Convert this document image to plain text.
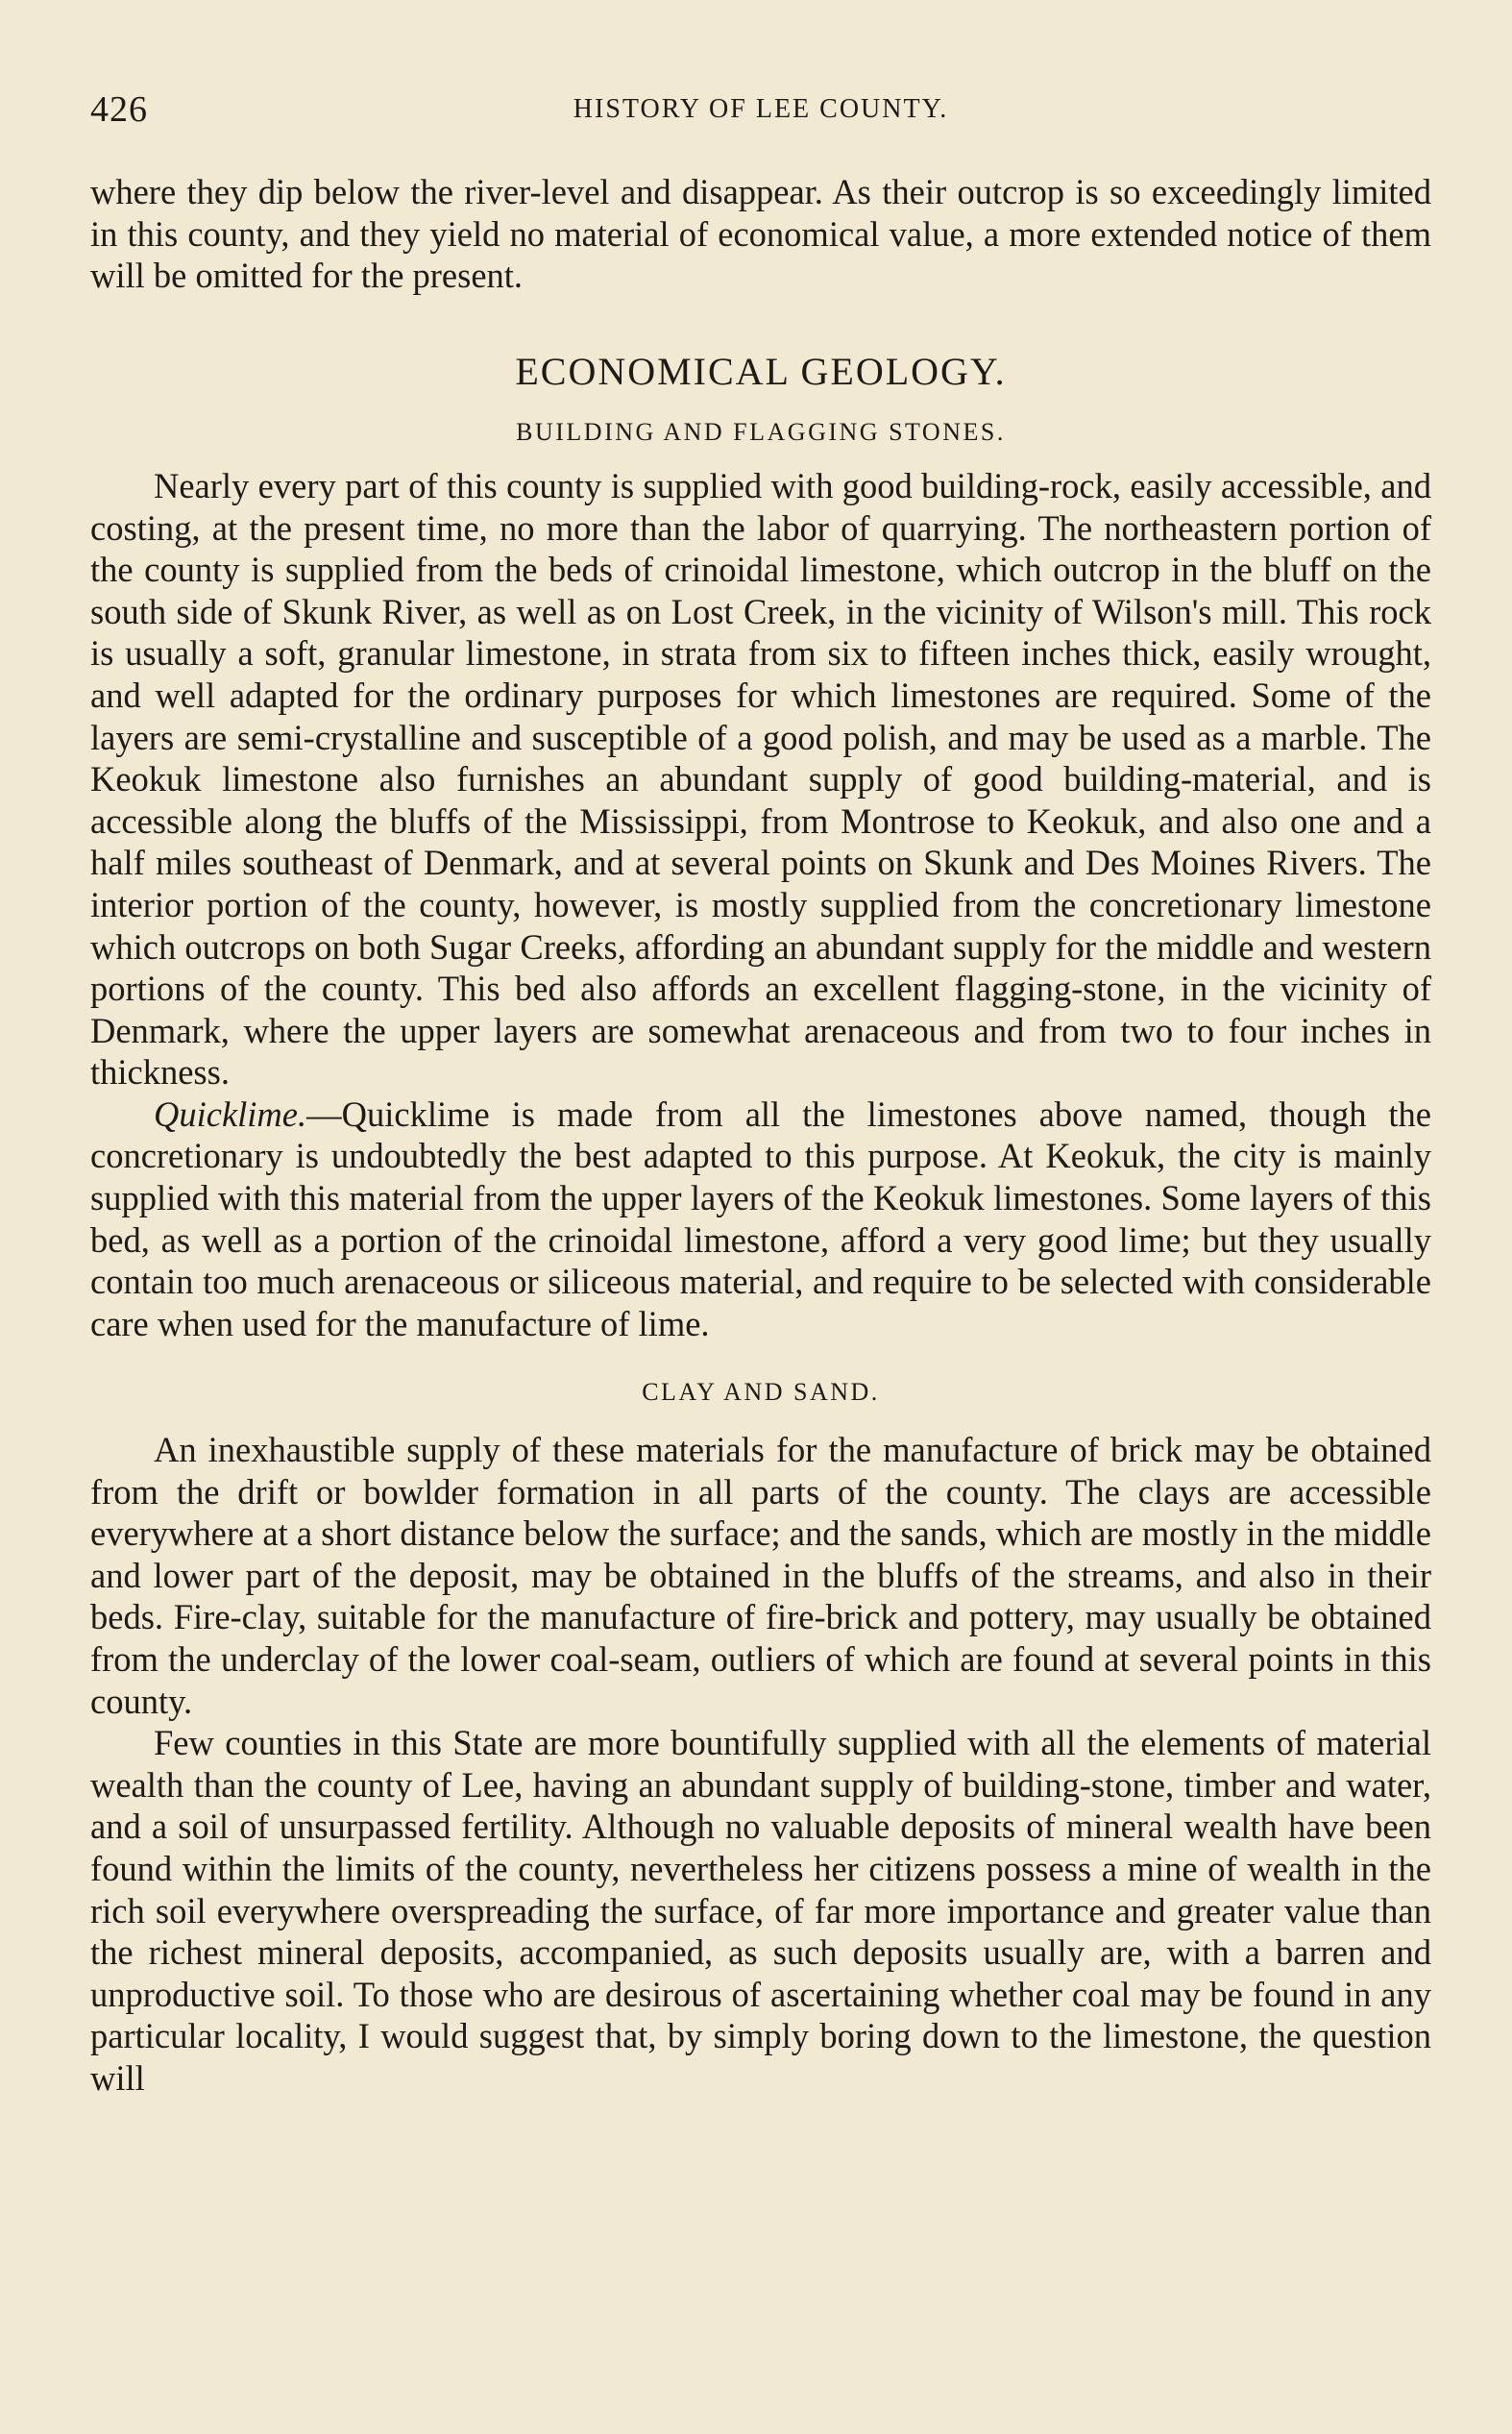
426	HISTORY OF LEE COUNTY.

where they dip below the river-level and disappear. As their outcrop is so exceedingly limited in this county, and they yield no material of economical value, a more extended notice of them will be omitted for the present.

ECONOMICAL GEOLOGY.
BUILDING AND FLAGGING STONES.

Nearly every part of this county is supplied with good building-rock, easily accessible, and costing, at the present time, no more than the labor of quarrying. The northeastern portion of the county is supplied from the beds of crinoidal limestone, which outcrop in the bluff on the south side of Skunk River, as well as on Lost Creek, in the vicinity of Wilson's mill. This rock is usually a soft, granular limestone, in strata from six to fifteen inches thick, easily wrought, and well adapted for the ordinary purposes for which limestones are required. Some of the layers are semi-crystalline and susceptible of a good polish, and may be used as a marble. The Keokuk limestone also furnishes an abundant supply of good building-material, and is accessible along the bluffs of the Mississippi, from Montrose to Keokuk, and also one and a half miles southeast of Denmark, and at several points on Skunk and Des Moines Rivers. The interior portion of the county, however, is mostly supplied from the concretionary limestone which outcrops on both Sugar Creeks, affording an abundant supply for the middle and western portions of the county. This bed also affords an excellent flagging-stone, in the vicinity of Denmark, where the upper layers are somewhat arenaceous and from two to four inches in thickness.

Quicklime.—Quicklime is made from all the limestones above named, though the concretionary is undoubtedly the best adapted to this purpose. At Keokuk, the city is mainly supplied with this material from the upper layers of the Keokuk limestones. Some layers of this bed, as well as a portion of the crinoidal limestone, afford a very good lime; but they usually contain too much arenaceous or siliceous material, and require to be selected with considerable care when used for the manufacture of lime.

CLAY AND SAND.

An inexhaustible supply of these materials for the manufacture of brick may be obtained from the drift or bowlder formation in all parts of the county. The clays are accessible everywhere at a short distance below the surface; and the sands, which are mostly in the middle and lower part of the deposit, may be obtained in the bluffs of the streams, and also in their beds. Fire-clay, suitable for the manufacture of fire-brick and pottery, may usually be obtained from the underclay of the lower coal-seam, outliers of which are found at several points in this county.

Few counties in this State are more bountifully supplied with all the elements of material wealth than the county of Lee, having an abundant supply of building-stone, timber and water, and a soil of unsurpassed fertility. Although no valuable deposits of mineral wealth have been found within the limits of the county, nevertheless her citizens possess a mine of wealth in the rich soil everywhere overspreading the surface, of far more importance and greater value than the richest mineral deposits, accompanied, as such deposits usually are, with a barren and unproductive soil. To those who are desirous of ascertaining whether coal may be found in any particular locality, I would suggest that, by simply boring down to the limestone, the question will
